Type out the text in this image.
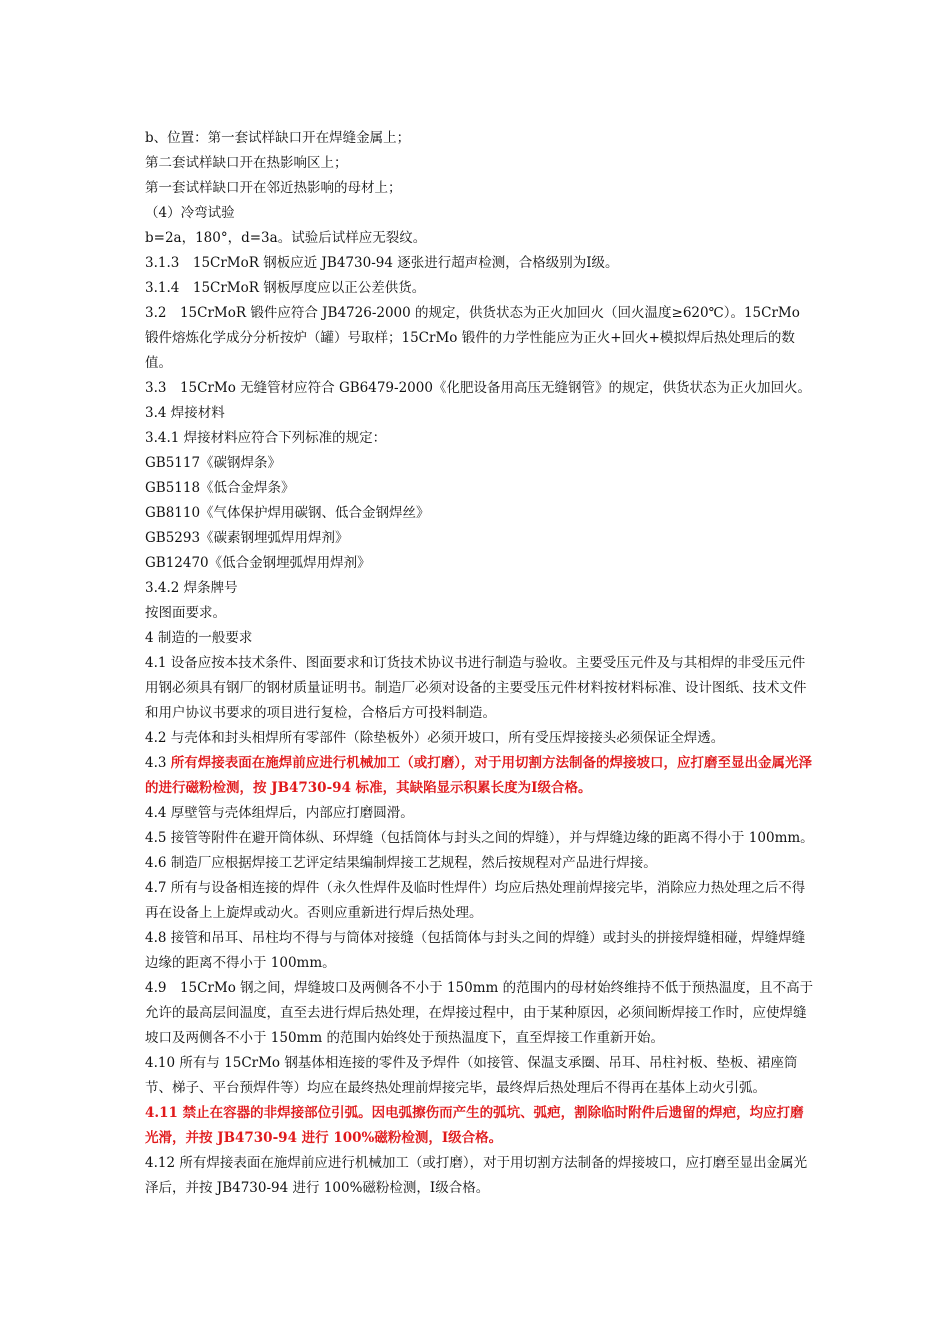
b、位置：第一套试样缺口开在焊缝金属上；

第二套试样缺口开在热影响区上；

第一套试样缺口开在邻近热影响的母材上；

（4）冷弯试验

b=2a，180°，d=3a。试验后试样应无裂纹。

3.1.3　15CrMoR 钢板应近 JB4730-94 逐张进行超声检测，合格级别为Ⅰ级。

3.1.4　15CrMoR 钢板厚度应以正公差供货。

3.2　15CrMoR 锻件应符合 JB4726-2000 的规定，供货状态为正火加回火（回火温度≥620℃）。15CrMo 锻件熔炼化学成分分析按炉（罐）号取样；15CrMo 锻件的力学性能应为正火+回火+模拟焊后热处理后的数值。

3.3　15CrMo 无缝管材应符合 GB6479-2000《化肥设备用高压无缝钢管》的规定，供货状态为正火加回火。

3.4 焊接材料

3.4.1 焊接材料应符合下列标准的规定：

GB5117《碳钢焊条》

GB5118《低合金焊条》

GB8110《气体保护焊用碳钢、低合金钢焊丝》

GB5293《碳素钢埋弧焊用焊剂》

GB12470《低合金钢埋弧焊用焊剂》

3.4.2 焊条牌号

按图面要求。

4 制造的一般要求

4.1 设备应按本技术条件、图面要求和订货技术协议书进行制造与验收。主要受压元件及与其相焊的非受压元件用钢必须具有钢厂的钢材质量证明书。制造厂必须对设备的主要受压元件材料按材料标准、设计图纸、技术文件和用户协议书要求的项目进行复检，合格后方可投料制造。

4.2 与壳体和封头相焊所有零部件（除垫板外）必须开坡口，所有受压焊接接头必须保证全焊透。

4.3 所有焊接表面在施焊前应进行机械加工（或打磨），对于用切割方法制备的焊接坡口，应打磨至显出金属光泽的进行磁粉检测，按 JB4730-94 标准，其缺陷显示积累长度为Ⅰ级合格。

4.4 厚壁管与壳体组焊后，内部应打磨圆滑。

4.5 接管等附件在避开筒体纵、环焊缝（包括筒体与封头之间的焊缝），并与焊缝边缘的距离不得小于 100mm。

4.6 制造厂应根据焊接工艺评定结果编制焊接工艺规程，然后按规程对产品进行焊接。

4.7 所有与设备相连接的焊件（永久性焊件及临时性焊件）均应后热处理前焊接完毕，消除应力热处理之后不得再在设备上上旋焊或动火。否则应重新进行焊后热处理。

4.8 接管和吊耳、吊柱均不得与与筒体对接缝（包括筒体与封头之间的焊缝）或封头的拼接焊缝相碰，焊缝焊缝边缘的距离不得小于 100mm。

4.9　15CrMo 钢之间，焊缝坡口及两侧各不小于 150mm 的范围内的母材始终维持不低于预热温度，且不高于允许的最高层间温度，直至去进行焊后热处理，在焊接过程中，由于某种原因，必须间断焊接工作时，应使焊缝坡口及两侧各不小于 150mm 的范围内始终处于预热温度下，直至焊接工作重新开始。

4.10 所有与 15CrMo 钢基体相连接的零件及予焊件（如接管、保温支承圈、吊耳、吊柱衬板、垫板、裙座筒节、梯子、平台预焊件等）均应在最终热处理前焊接完毕，最终焊后热处理后不得再在基体上动火引弧。

4.11 禁止在容器的非焊接部位引弧。因电弧擦伤而产生的弧坑、弧疤，割除临时附件后遗留的焊疤，均应打磨光滑，并按 JB4730-94 进行 100%磁粉检测，Ⅰ级合格。

4.12 所有焊接表面在施焊前应进行机械加工（或打磨），对于用切割方法制备的焊接坡口，应打磨至显出金属光泽后，并按 JB4730-94 进行 100%磁粉检测，Ⅰ级合格。
